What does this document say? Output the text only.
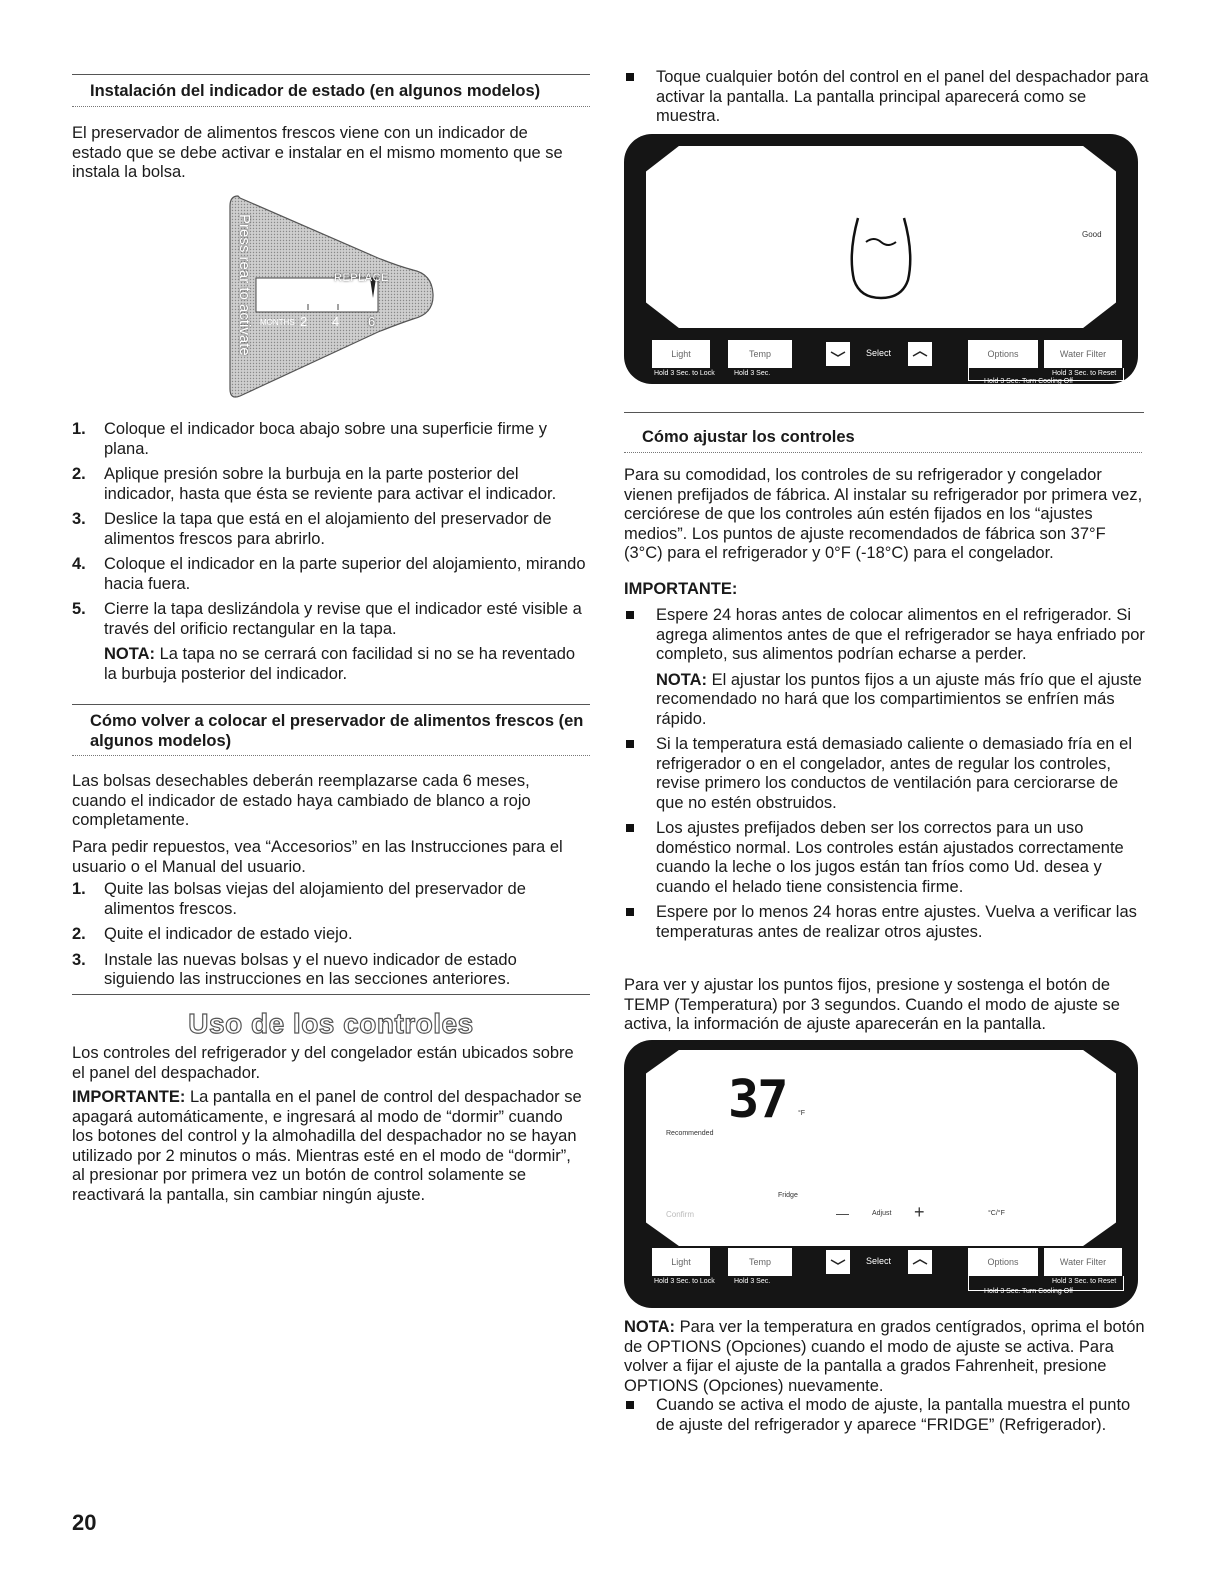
Instalación del indicador de estado (en algunos modelos)

El preservador de alimentos frescos viene con un indicador de estado que se debe activar e instalar en el mismo momento que se instala la bolsa.

REPLACE
MONTHS 2 4 6
Press rear to activate
1. Coloque el indicador boca abajo sobre una superficie firme y plana.
2. Aplique presión sobre la burbuja en la parte posterior del indicador, hasta que ésta se reviente para activar el indicador.
3. Deslice la tapa que está en el alojamiento del preservador de alimentos frescos para abrirlo.
4. Coloque el indicador en la parte superior del alojamiento, mirando hacia fuera.
5. Cierre la tapa deslizándola y revise que el indicador esté visible a través del orificio rectangular en la tapa.
NOTA: La tapa no se cerrará con facilidad si no se ha reventado la burbuja posterior del indicador.
Cómo volver a colocar el preservador de alimentos frescos (en algunos modelos)

Las bolsas desechables deberán reemplazarse cada 6 meses, cuando el indicador de estado haya cambiado de blanco a rojo completamente.

Para pedir repuestos, vea “Accesorios” en las Instrucciones para el usuario o el Manual del usuario.

1. Quite las bolsas viejas del alojamiento del preservador de alimentos frescos.
2. Quite el indicador de estado viejo.
3. Instale las nuevas bolsas y el nuevo indicador de estado siguiendo las instrucciones en las secciones anteriores.
Uso de los controles

Los controles del refrigerador y del congelador están ubicados sobre el panel del despachador.

IMPORTANTE: La pantalla en el panel de control del despachador se apagará automáticamente, e ingresará al modo de “dormir” cuando los botones del control y la almohadilla del despachador no se hayan utilizado por 2 minutos o más. Mientras esté en el modo de “dormir”, al presionar por primera vez un botón de control solamente se reactivará la pantalla, sin cambiar ningún ajuste.

Toque cualquier botón del control en el panel del despachador para activar la pantalla. La pantalla principal aparecerá como se muestra.
Good
Light	Temp	Select	Options	Water Filter
Hold 3 Sec. to Lock	Hold 3 Sec.	Hold 3 Sec. to Reset
Hold 3 Sec. Turn Cooling Off
Cómo ajustar los controles

Para su comodidad, los controles de su refrigerador y congelador vienen prefijados de fábrica. Al instalar su refrigerador por primera vez, cerciórese de que los controles aún estén fijados en los “ajustes medios”. Los puntos de ajuste recomendados de fábrica son 37°F (3°C) para el refrigerador y 0°F (-18°C) para el congelador.

IMPORTANTE:

Espere 24 horas antes de colocar alimentos en el refrigerador. Si agrega alimentos antes de que el refrigerador se haya enfriado por completo, sus alimentos podrían echarse a perder.
NOTA: El ajustar los puntos fijos a un ajuste más frío que el ajuste recomendado no hará que los compartimientos se enfríen más rápido.
Si la temperatura está demasiado caliente o demasiado fría en el refrigerador o en el congelador, antes de regular los controles, revise primero los conductos de ventilación para cerciorarse de que no estén obstruidos.
Los ajustes prefijados deben ser los correctos para un uso doméstico normal. Los controles están ajustados correctamente cuando la leche o los jugos están tan fríos como Ud. desea y cuando el helado tiene consistencia firme.
Espere por lo menos 24 horas entre ajustes. Vuelva a verificar las temperaturas antes de realizar otros ajustes.

Para ver y ajustar los puntos fijos, presione y sostenga el botón de TEMP (Temperatura) por 3 segundos. Cuando el modo de ajuste se activa, la información de ajuste aparecerán en la pantalla.

37 °F
Recommended
Fridge
Confirm	—	Adjust +	°C/°F
Light	Temp	Select	Options	Water Filter
Hold 3 Sec. to Lock	Hold 3 Sec.	Hold 3 Sec. to Reset
Hold 3 Sec. Turn Cooling Off

NOTA: Para ver la temperatura en grados centígrados, oprima el botón de OPTIONS (Opciones) cuando el modo de ajuste se activa. Para volver a fijar el ajuste de la pantalla a grados Fahrenheit, presione OPTIONS (Opciones) nuevamente.

Cuando se activa el modo de ajuste, la pantalla muestra el punto de ajuste del refrigerador y aparece “FRIDGE” (Refrigerador).
20
